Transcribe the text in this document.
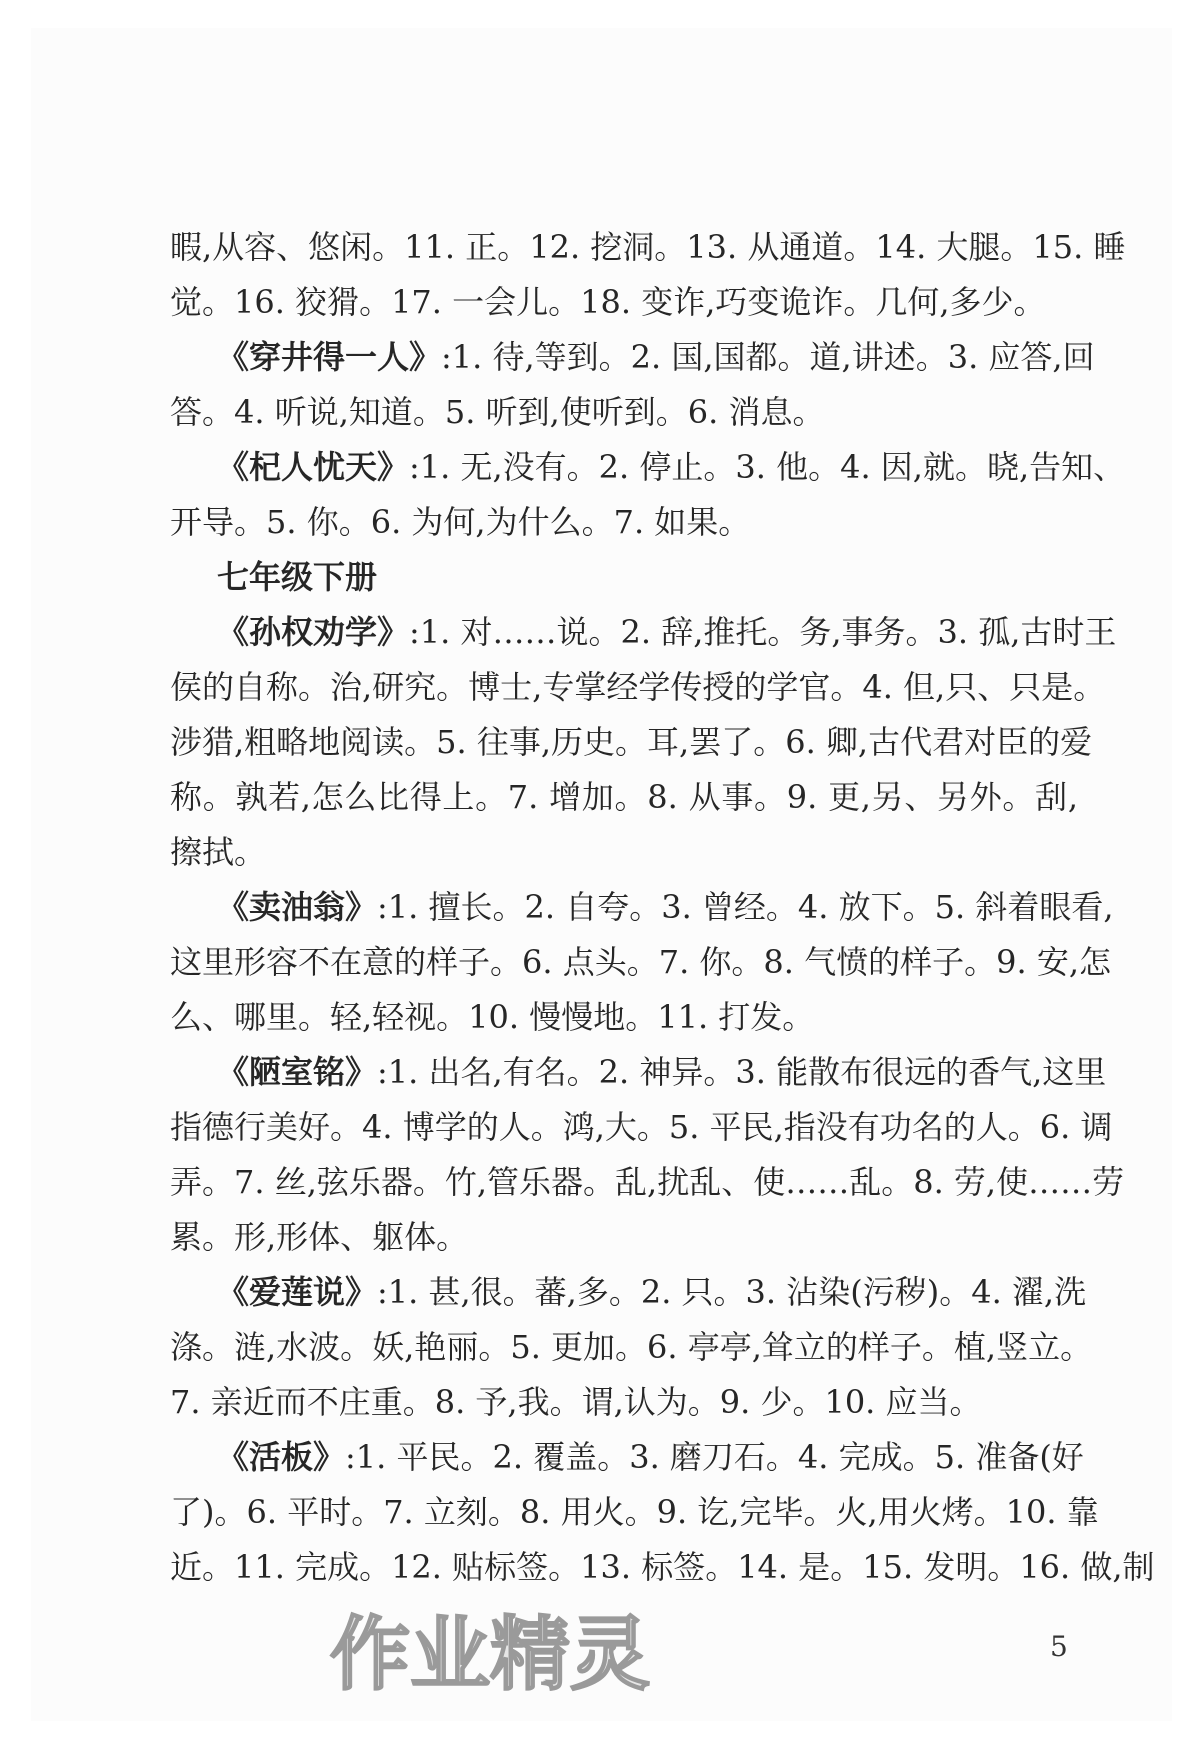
暇,从容、悠闲。11. 正。12. 挖洞。13. 从通道。14. 大腿。15. 睡
觉。16. 狡猾。17. 一会儿。18. 变诈,巧变诡诈。几何,多少。
《穿井得一人》:1. 待,等到。2. 国,国都。道,讲述。3. 应答,回
答。4. 听说,知道。5. 听到,使听到。6. 消息。
《杞人忧天》:1. 无,没有。2. 停止。3. 他。4. 因,就。晓,告知、
开导。5. 你。6. 为何,为什么。7. 如果。
七年级下册
《孙权劝学》:1. 对……说。2. 辞,推托。务,事务。3. 孤,古时王
侯的自称。治,研究。博士,专掌经学传授的学官。4. 但,只、只是。
涉猎,粗略地阅读。5. 往事,历史。耳,罢了。6. 卿,古代君对臣的爱
称。孰若,怎么比得上。7. 增加。8. 从事。9. 更,另、另外。刮,
擦拭。
《卖油翁》:1. 擅长。2. 自夸。3. 曾经。4. 放下。5. 斜着眼看,
这里形容不在意的样子。6. 点头。7. 你。8. 气愤的样子。9. 安,怎
么、哪里。轻,轻视。10. 慢慢地。11. 打发。
《陋室铭》:1. 出名,有名。2. 神异。3. 能散布很远的香气,这里
指德行美好。4. 博学的人。鸿,大。5. 平民,指没有功名的人。6. 调
弄。7. 丝,弦乐器。竹,管乐器。乱,扰乱、使……乱。8. 劳,使……劳
累。形,形体、躯体。
《爱莲说》:1. 甚,很。蕃,多。2. 只。3. 沾染(污秽)。4. 濯,洗
涤。涟,水波。妖,艳丽。5. 更加。6. 亭亭,耸立的样子。植,竖立。
7. 亲近而不庄重。8. 予,我。谓,认为。9. 少。10. 应当。
《活板》:1. 平民。2. 覆盖。3. 磨刀石。4. 完成。5. 准备(好
了)。6. 平时。7. 立刻。8. 用火。9. 讫,完毕。火,用火烤。10. 靠
近。11. 完成。12. 贴标签。13. 标签。14. 是。15. 发明。16. 做,制
作业精灵	5
